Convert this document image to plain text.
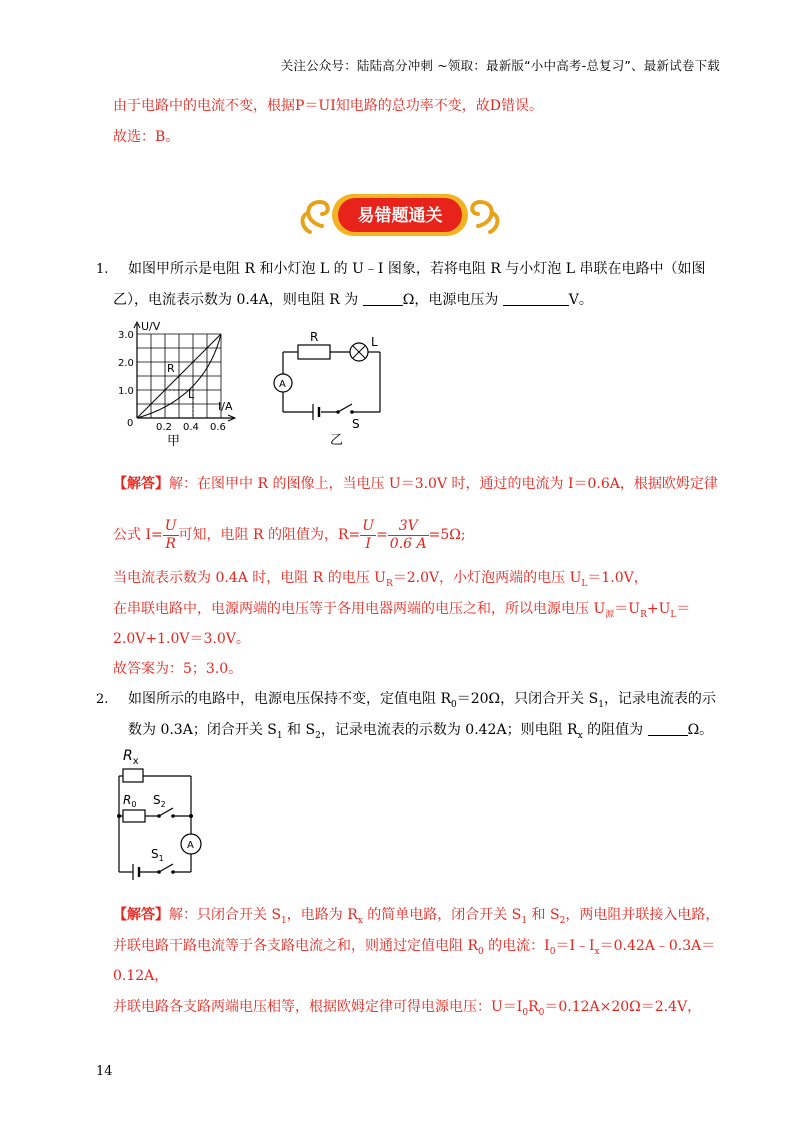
关注公众号：陆陆高分冲刺 ~领取：最新版“小中高考-总复习”、最新试卷下载
由于电路中的电流不变，根据P＝UI知电路的总功率不变，故D错误。
故选：B。
易错题通关
1. 如图甲所示是电阻 R 和小灯泡 L 的 U﹣I 图象，若将电阻 R 与小灯泡 L 串联在电路中（如图
乙），电流表示数为 0.4A，则电阻 R 为	Ω，电源电压为	V。
U/V
I/A
3.0
2.0
1.0
0 0.2 0.4 0.6
R
L
甲
A
R	L
S
乙
【解答】解：在图甲中 R 的图像上，当电压 U＝3.0V 时，通过的电流为 I＝0.6A，根据欧姆定律
公式 $I= \frac{U}{R}$ 可知，电阻 R 的阻值为，$R= \frac{U}{I} = \frac{3V}{0.6 A} =5\Omega$;
当电流表示数为 0.4A 时，电阻 R 的电压 $U_R=2.0V$，小灯泡两端的电压 $U_L=1.0V$，
在串联电路中，电源两端的电压等于各用电器两端的电压之和，所以电源电压 $U_源=U_R+U_L=$
2.0V+1.0V＝3.0V。
故答案为：5；3.0。
2. 如图所示的电路中，电源电压保持不变，定值电阻 $R_0=20\Omega$，只闭合开关 $S_1$，记录电流表的示
数为 0.3A；闭合开关 $S_1$ 和 $S_2$，记录电流表的示数为 0.42A；则电阻 $R_x$ 的阻值为	Ω。
A
$R_x$
$R_0$ $S_2$
$S_1$
【解答】解：只闭合开关 $S_1$，电路为 $R_x$ 的简单电路，闭合开关 $S_1$ 和 $S_2$，两电阻并联接入电路，
并联电路干路电流等于各支路电流之和，则通过定值电阻 $R_0$ 的电流：$I_0=I﹣I_x=0.42A﹣0.3A=$
0.12A，
并联电路各支路两端电压相等，根据欧姆定律可得电源电压：$U=I_0R_0=0.12A\times 20\Omega=2.4V$，
14
